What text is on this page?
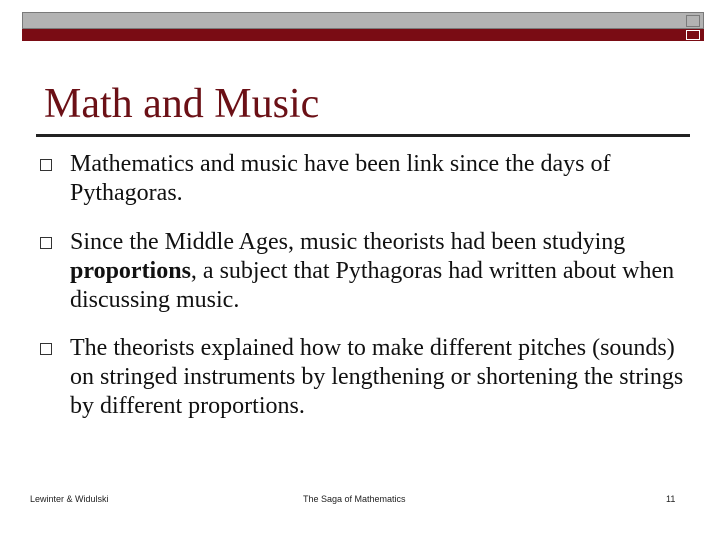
Math and Music
Mathematics and music have been link since the days of Pythagoras.
Since the Middle Ages, music theorists had been studying proportions, a subject that Pythagoras had written about when discussing music.
The theorists explained how to make different pitches (sounds) on stringed instruments by lengthening or shortening the strings by different proportions.
Lewinter & Widulski	The Saga of Mathematics	11
